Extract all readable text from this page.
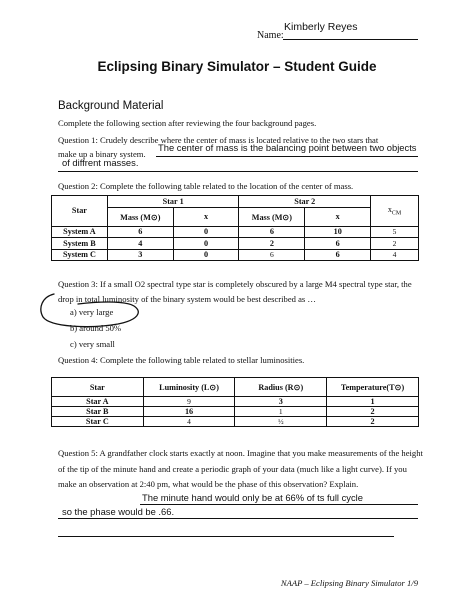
Name:
Kimberly Reyes
Eclipsing Binary Simulator – Student Guide
Background Material
Complete the following section after reviewing the four background pages.
Question 1: Crudely describe where the center of mass is located relative to the two stars that
make up a binary system.
The center of mass is the balancing point between two objects
of diffrent masses.
Question 2: Complete the following table related to the location of the center of mass.
Star	Star 1		Star 2		$x_{CM}$
	Mass (M⊙)	x	Mass (M⊙)	x	
System A	6	0	6	10	5
System B	4	0	2	6	2
System C	3	0	6	6	4
Question 3: If a small O2 spectral type star is completely obscured by a large M4 spectral type star, the drop in total luminosity of the binary system would be best described as …
a) very large
b) around 50%
c) very small
Question 4: Complete the following table related to stellar luminosities.
Star	Luminosity (L⊙)	Radius (R⊙)	Temperature(T⊙)
Star A	9	3	1
Star B	16	1	2
Star C	4	½	2
Question 5: A grandfather clock starts exactly at noon. Imagine that you make measurements of the height of the tip of the minute hand and create a periodic graph of your data (much like a light curve). If you make an observation at 2:40 pm, what would be the phase of this observation? Explain.
The minute hand would only be at 66% of ts full cycle
so the phase would be .66.
NAAP – Eclipsing Binary Simulator 1/9
